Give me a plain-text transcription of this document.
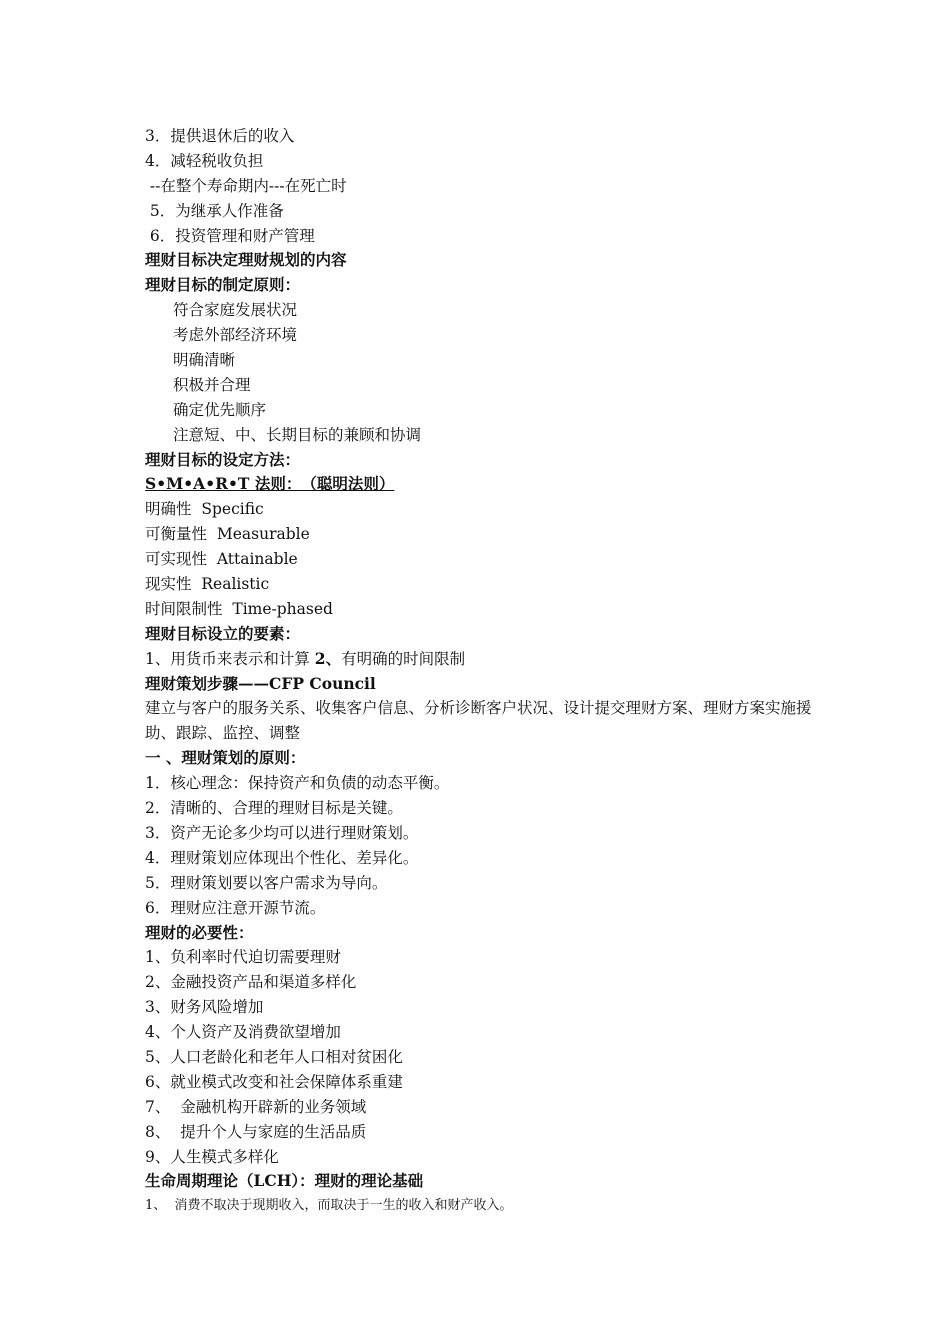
3．提供退休后的收入
4．减轻税收负担
--在整个寿命期内---在死亡时
5．为继承人作准备
6．投资管理和财产管理
理财目标决定理财规划的内容
理财目标的制定原则：
符合家庭发展状况
考虑外部经济环境
明确清晰
积极并合理
确定优先顺序
注意短、中、长期目标的兼顾和协调
理财目标的设定方法：
S•M•A•R•T 法则：　（聪明法则）
明确性  Specific
可衡量性  Measurable
可实现性  Attainable
现实性  Realistic
时间限制性  Time-phased
理财目标设立的要素：
1、用货币来表示和计算 2、有明确的时间限制
理财策划步骤——CFP Council
建立与客户的服务关系、收集客户信息、分析诊断客户状况、设计提交理财方案、理财方案实施援助、跟踪、监控、调整
一 、理财策划的原则：
1．核心理念：保持资产和负债的动态平衡。
2．清晰的、合理的理财目标是关键。
3．资产无论多少均可以进行理财策划。
4．理财策划应体现出个性化、差异化。
5．理财策划要以客户需求为导向。
6．理财应注意开源节流。
理财的必要性：
1、负利率时代迫切需要理财
2、金融投资产品和渠道多样化
3、财务风险增加
4、个人资产及消费欲望增加
5、人口老龄化和老年人口相对贫困化
6、就业模式改变和社会保障体系重建
7、  金融机构开辟新的业务领域
8、  提升个人与家庭的生活品质
9、人生模式多样化
生命周期理论（LCH）：理财的理论基础
1、  消费不取决于现期收入，而取决于一生的收入和财产收入。
